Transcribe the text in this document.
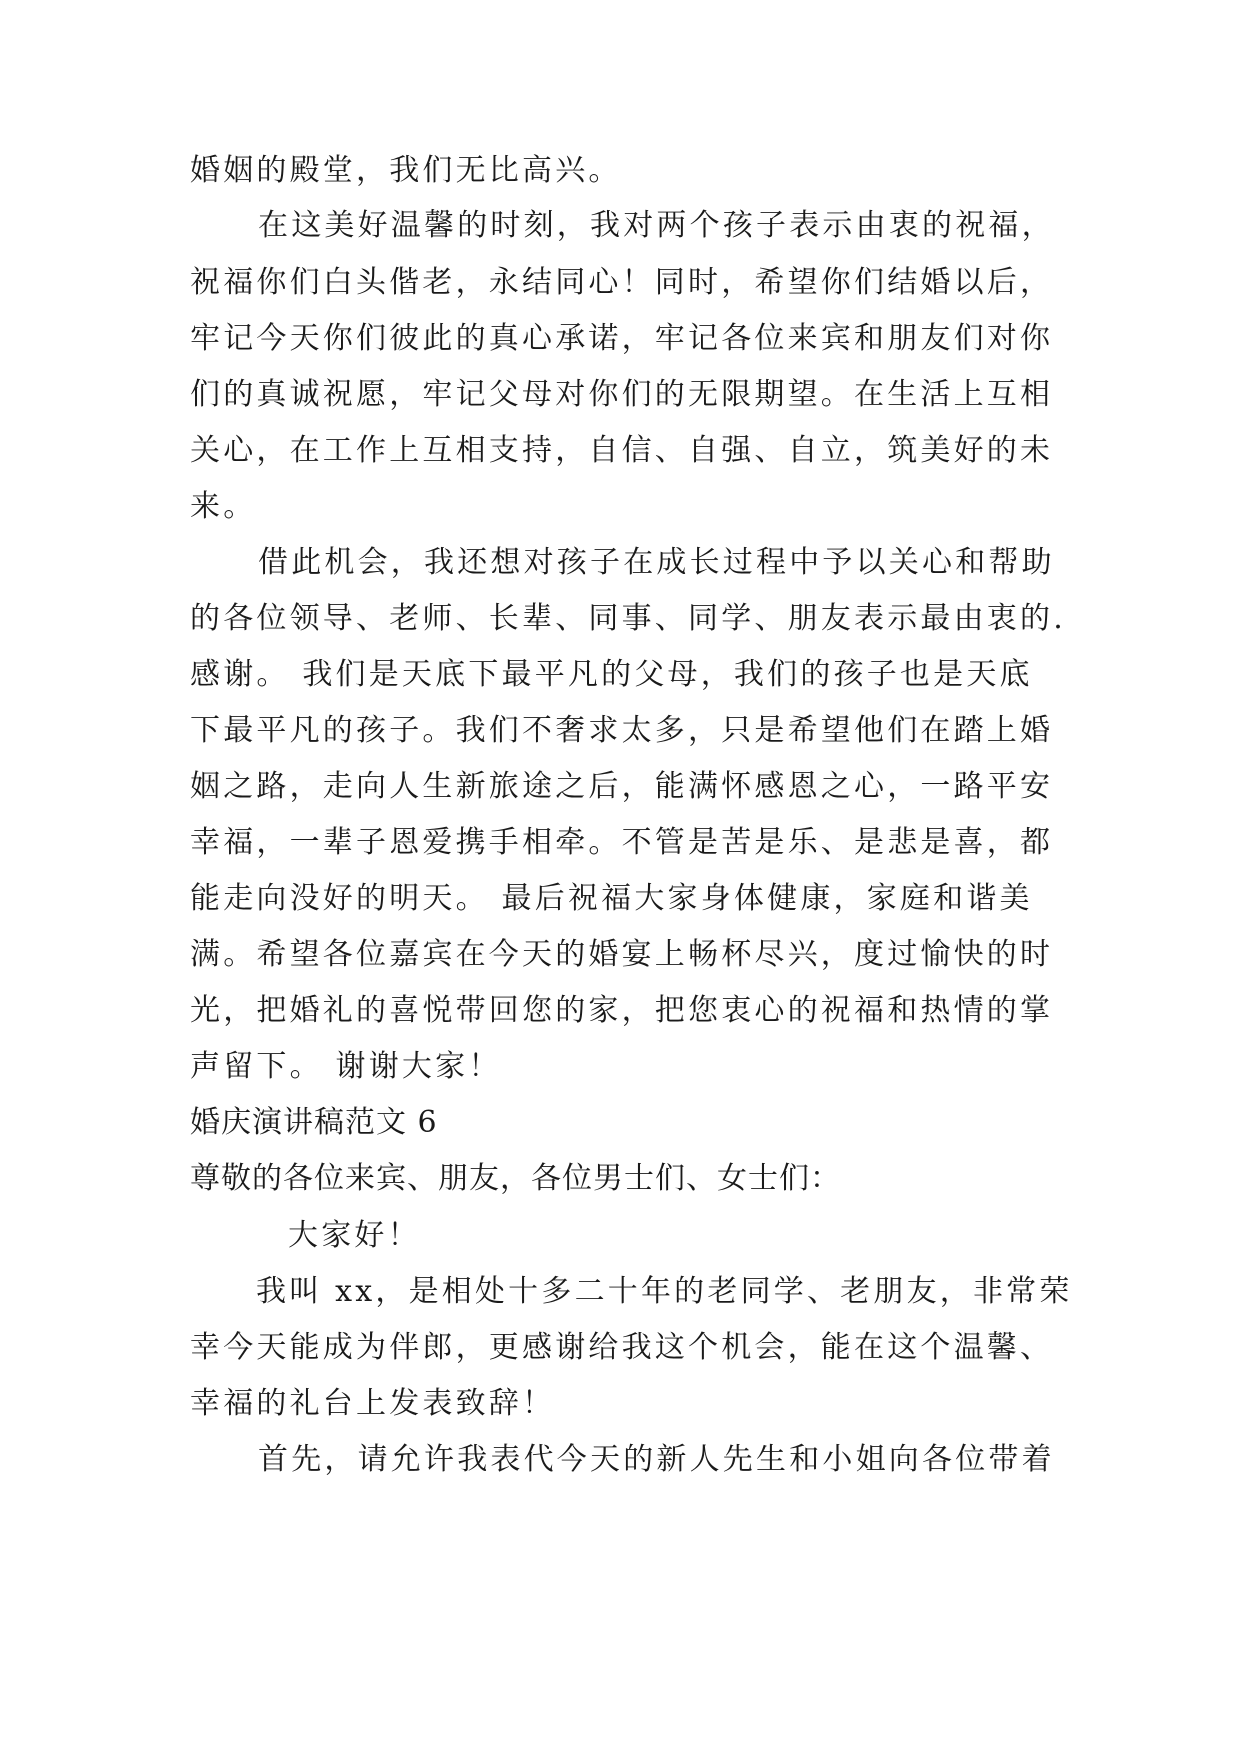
婚姻的殿堂，我们无比高兴。
在这美好温馨的时刻，我对两个孩子表示由衷的祝福，
祝福你们白头偕老，永结同心！同时，希望你们结婚以后，
牢记今天你们彼此的真心承诺，牢记各位来宾和朋友们对你
们的真诚祝愿，牢记父母对你们的无限期望。在生活上互相
关心，在工作上互相支持，自信、自强、自立，筑美好的未
来。
借此机会，我还想对孩子在成长过程中予以关心和帮助
的各位领导、老师、长辈、同事、同学、朋友表示最由衷的.
感谢。 我们是天底下最平凡的父母，我们的孩子也是天底
下最平凡的孩子。我们不奢求太多，只是希望他们在踏上婚
姻之路，走向人生新旅途之后，能满怀感恩之心，一路平安
幸福，一辈子恩爱携手相牵。不管是苦是乐、是悲是喜，都
能走向没好的明天。 最后祝福大家身体健康，家庭和谐美
满。希望各位嘉宾在今天的婚宴上畅杯尽兴，度过愉快的时
光，把婚礼的喜悦带回您的家，把您衷心的祝福和热情的掌
声留下。 谢谢大家！
婚庆演讲稿范文 6
尊敬的各位来宾、朋友，各位男士们、女士们：
大家好！
我叫 xx，是相处十多二十年的老同学、老朋友，非常荣
幸今天能成为伴郎，更感谢给我这个机会，能在这个温馨、
幸福的礼台上发表致辞！
首先，请允许我表代今天的新人先生和小姐向各位带着
